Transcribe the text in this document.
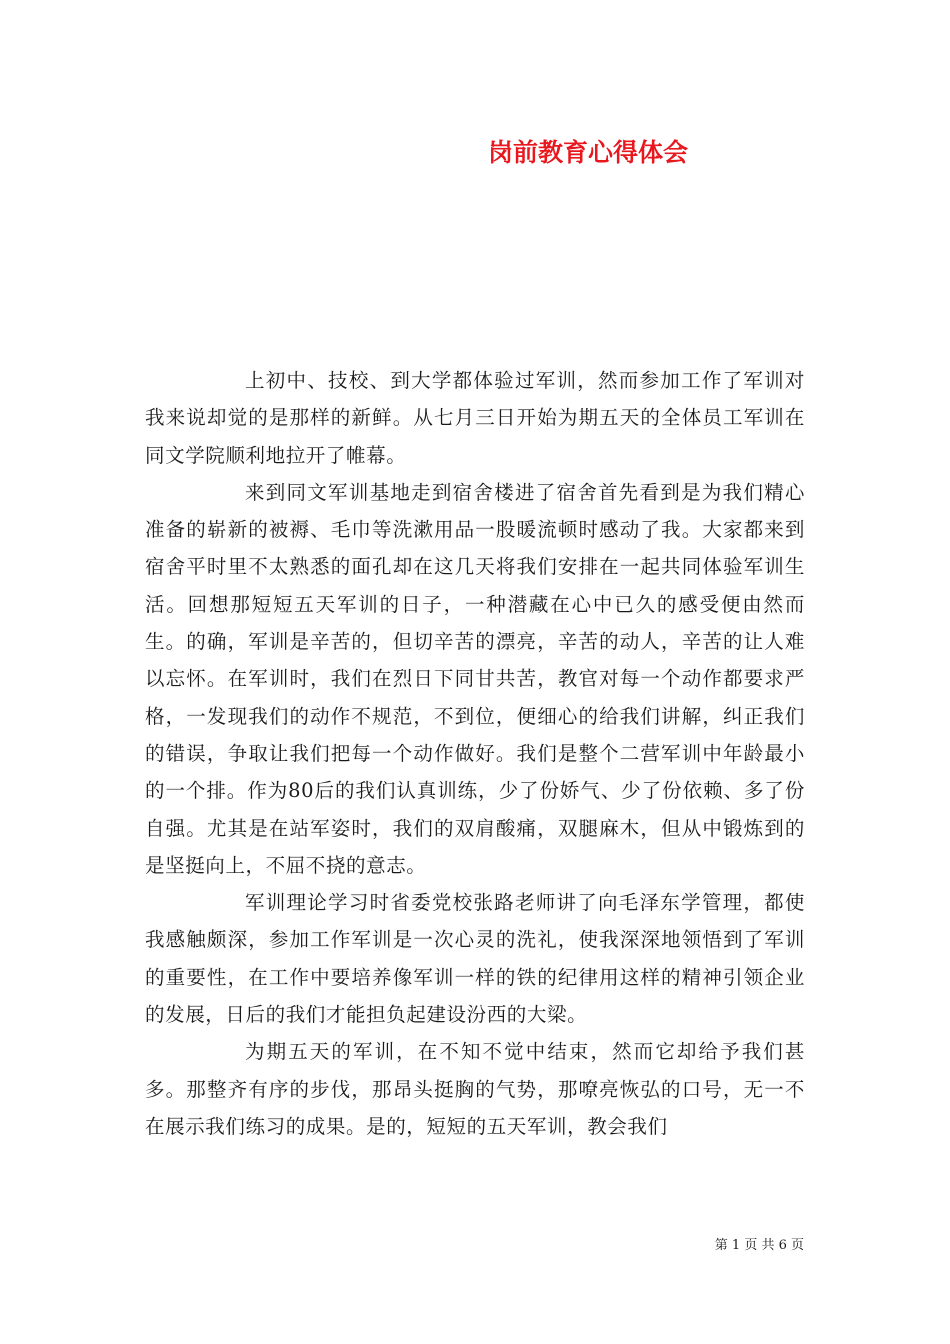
岗前教育心得体会

上初中、技校、到大学都体验过军训，然而参加工作了军训对我来说却觉的是那样的新鲜。从七月三日开始为期五天的全体员工军训在同文学院顺利地拉开了帷幕。

来到同文军训基地走到宿舍楼进了宿舍首先看到是为我们精心准备的崭新的被褥、毛巾等洗漱用品一股暖流顿时感动了我。大家都来到宿舍平时里不太熟悉的面孔却在这几天将我们安排在一起共同体验军训生活。回想那短短五天军训的日子，一种潜藏在心中已久的感受便由然而生。的确，军训是辛苦的，但切辛苦的漂亮，辛苦的动人，辛苦的让人难以忘怀。在军训时，我们在烈日下同甘共苦，教官对每一个动作都要求严格，一发现我们的动作不规范，不到位，便细心的给我们讲解，纠正我们的错误，争取让我们把每一个动作做好。我们是整个二营军训中年龄最小的一个排。作为80后的我们认真训练，少了份娇气、少了份依赖、多了份自强。尤其是在站军姿时，我们的双肩酸痛，双腿麻木，但从中锻炼到的是坚挺向上，不屈不挠的意志。

军训理论学习时省委党校张路老师讲了向毛泽东学管理，都使我感触颇深，参加工作军训是一次心灵的洗礼，使我深深地领悟到了军训的重要性，在工作中要培养像军训一样的铁的纪律用这样的精神引领企业的发展，日后的我们才能担负起建设汾西的大梁。

为期五天的军训，在不知不觉中结束，然而它却给予我们甚多。那整齐有序的步伐，那昂头挺胸的气势，那嘹亮恢弘的口号，无一不在展示我们练习的成果。是的，短短的五天军训，教会我们

第 1 页 共 6 页
